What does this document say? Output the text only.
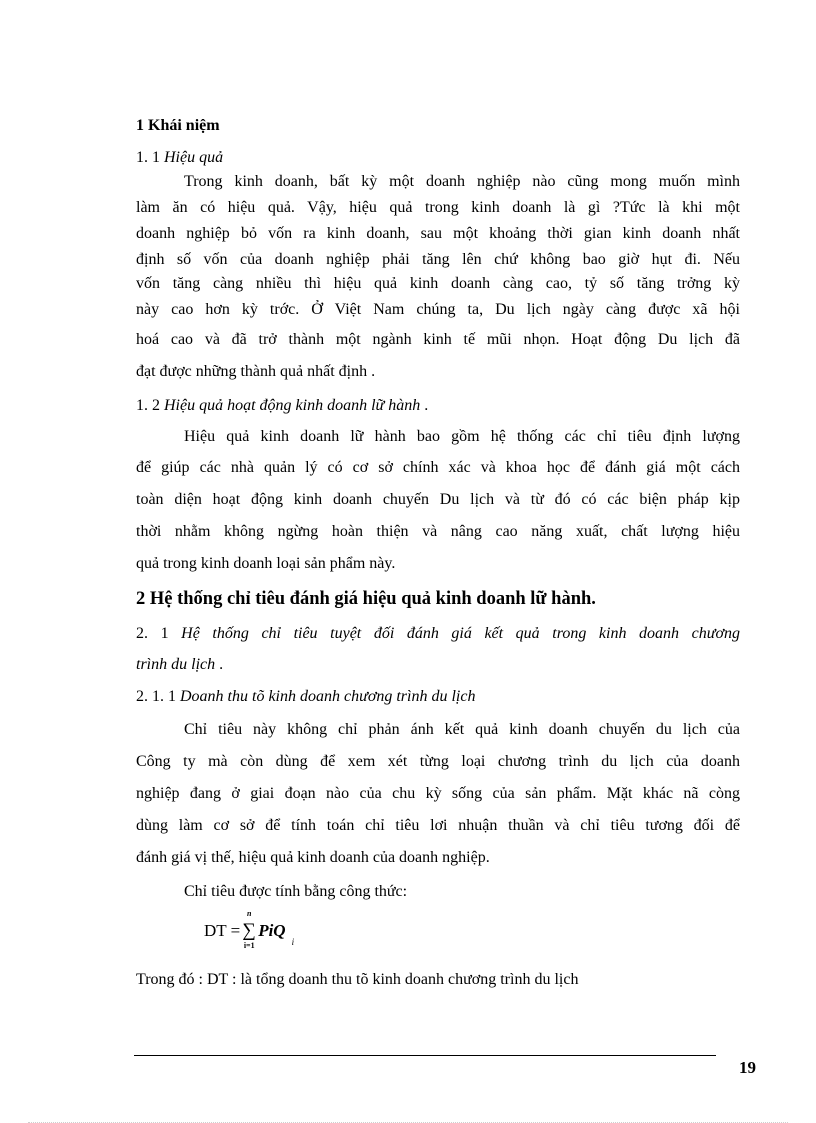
1 Khái niệm
1. 1 Hiệu quả
Trong kinh doanh, bất kỳ một doanh nghiệp nào cũng mong muốn mình
làm ăn có hiệu quả. Vậy, hiệu quả trong kinh doanh là gì ?Tức là khi một
doanh nghiệp bỏ vốn ra kinh doanh, sau một khoảng thời gian kinh doanh nhất
định số vốn của doanh nghiệp phải tăng lên chứ không bao giờ hụt đi. Nếu
vốn tăng càng nhiều thì hiệu quả kinh doanh càng cao, tỷ số tăng trởng kỳ
này cao hơn kỳ trớc. Ở Việt Nam chúng ta, Du lịch ngày càng được xã hội
hoá cao và đã trở thành một ngành kinh tế mũi nhọn. Hoạt động Du lịch đã
đạt được những thành quả nhất định .
1. 2 Hiệu quả hoạt động kinh doanh lữ hành .
Hiệu quả kinh doanh lữ hành bao gồm hệ thống các chỉ tiêu định lượng
để giúp các nhà quản lý có cơ sở chính xác và khoa học để đánh giá một cách
toàn diện hoạt động kinh doanh chuyến Du lịch và từ đó có các biện pháp kịp
thời nhằm không ngừng hoàn thiện và nâng cao năng xuất, chất lượng hiệu
quả trong kinh doanh loại sản phẩm này.
2 Hệ thống chỉ tiêu đánh giá hiệu quả kinh doanh lữ hành.
2. 1 Hệ thống chỉ tiêu tuyệt đối đánh giá kết quả trong kinh doanh chương
trình du lịch .
2. 1. 1 Doanh thu tõ kinh doanh chương trình du lịch
Chỉ tiêu này không chỉ phản ánh kết quả kinh doanh chuyến du lịch của
Công ty mà còn dùng để xem xét từng loại chương trình du lịch của doanh
nghiệp đang ở giai đoạn nào của chu kỳ sống của sản phẩm. Mặt khác nã còng
dùng làm cơ sở để tính toán chỉ tiêu lơi nhuận thuần và chỉ tiêu tương đối để
đánh giá vị thế, hiệu quả kinh doanh của doanh nghiệp.
Chỉ tiêu được tính bằng công thức:
DT =
n
∑
i=1
PiQ$_i$
Trong đó : DT : là tổng doanh thu tõ kinh doanh chương trình du lịch
19
